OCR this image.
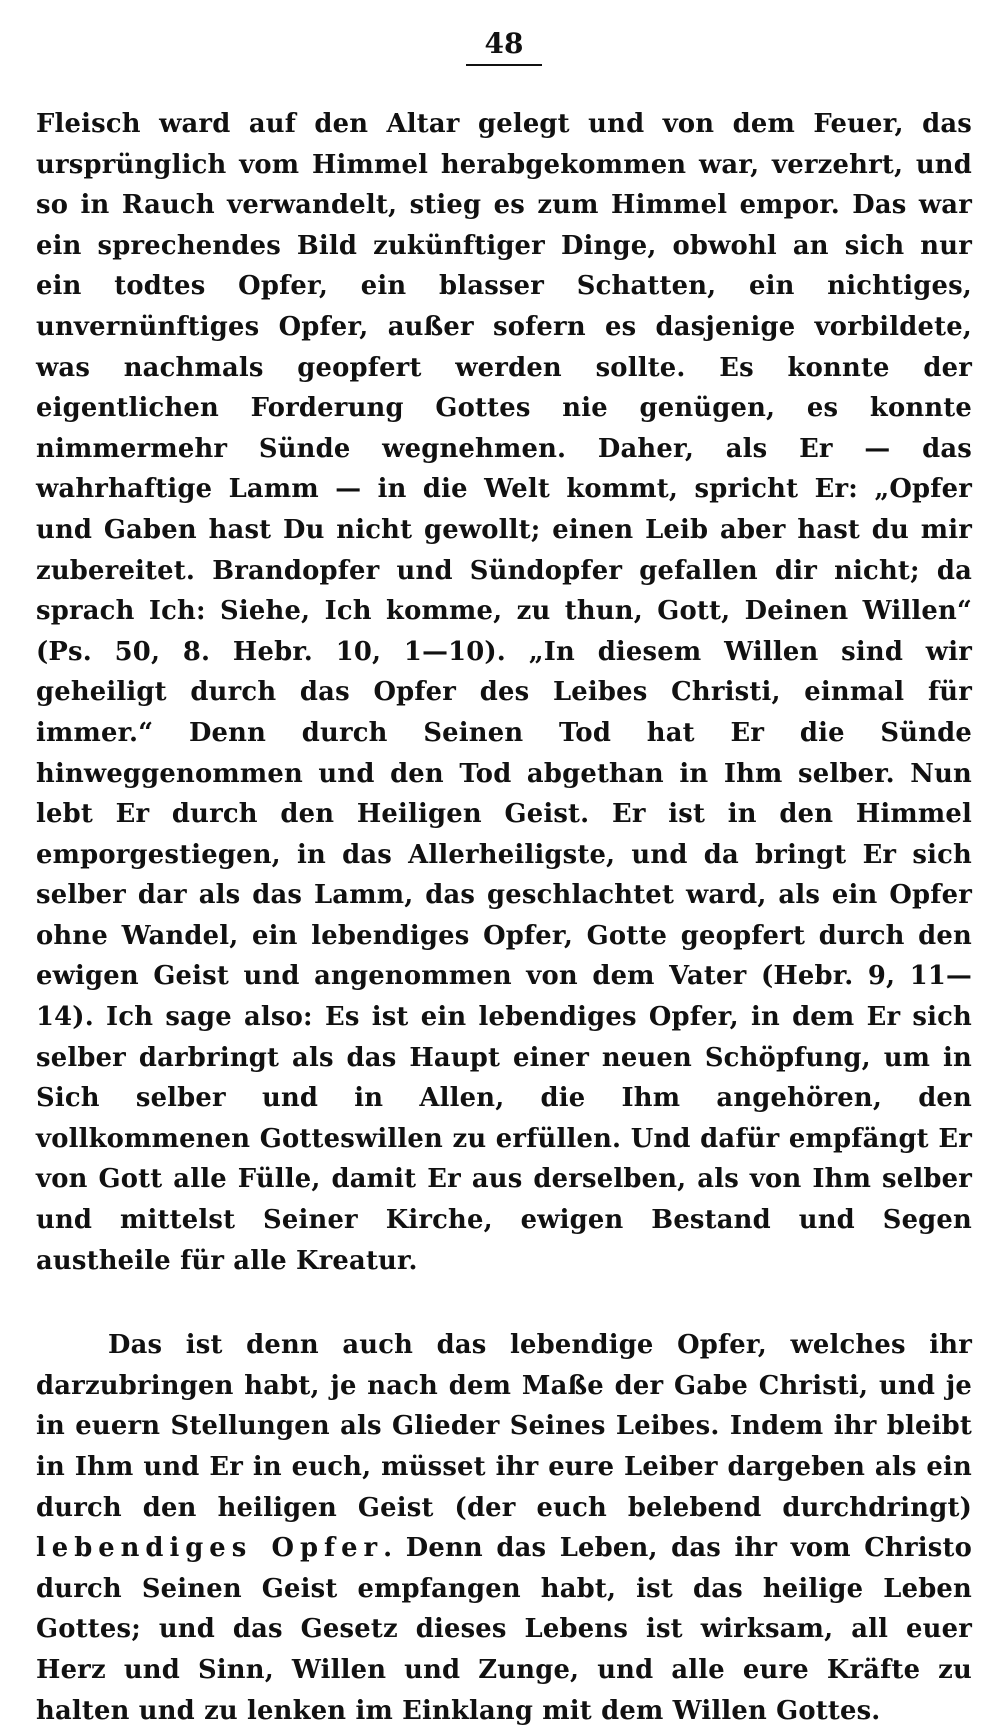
48

Fleisch ward auf den Altar gelegt und von dem Feuer, das ursprünglich vom Himmel herabgekommen war, verzehrt, und so in Rauch verwandelt, stieg es zum Himmel empor. Das war ein sprechendes Bild zukünftiger Dinge, obwohl an sich nur ein todtes Opfer, ein blasser Schatten, ein nichtiges, unvernünftiges Opfer, außer sofern es dasjenige vorbildete, was nachmals geopfert werden sollte. Es konnte der eigentlichen Forderung Gottes nie genügen, es konnte nimmermehr Sünde wegnehmen. Daher, als Er — das wahrhaftige Lamm — in die Welt kommt, spricht Er: „Opfer und Gaben hast Du nicht gewollt; einen Leib aber hast du mir zubereitet. Brandopfer und Sündopfer gefallen dir nicht; da sprach Ich: Siehe, Ich komme, zu thun, Gott, Deinen Willen“ (Ps. 50, 8. Hebr. 10, 1—10). „In diesem Willen sind wir geheiligt durch das Opfer des Leibes Christi, einmal für immer.“ Denn durch Seinen Tod hat Er die Sünde hinweggenommen und den Tod abgethan in Ihm selber. Nun lebt Er durch den Heiligen Geist. Er ist in den Himmel emporgestiegen, in das Allerheiligste, und da bringt Er sich selber dar als das Lamm, das geschlachtet ward, als ein Opfer ohne Wandel, ein lebendiges Opfer, Gotte geopfert durch den ewigen Geist und angenommen von dem Vater (Hebr. 9, 11—14). Ich sage also: Es ist ein lebendiges Opfer, in dem Er sich selber darbringt als das Haupt einer neuen Schöpfung, um in Sich selber und in Allen, die Ihm angehören, den vollkommenen Gotteswillen zu erfüllen. Und dafür empfängt Er von Gott alle Fülle, damit Er aus derselben, als von Ihm selber und mittelst Seiner Kirche, ewigen Bestand und Segen austheile für alle Kreatur.

Das ist denn auch das lebendige Opfer, welches ihr darzubringen habt, je nach dem Maße der Gabe Christi, und je in euern Stellungen als Glieder Seines Leibes. Indem ihr bleibt in Ihm und Er in euch, müsset ihr eure Leiber dargeben als ein durch den heiligen Geist (der euch belebend durchdringt) lebendiges Opfer. Denn das Leben, das ihr vom Christo durch Seinen Geist empfangen habt, ist das heilige Leben Gottes; und das Gesetz dieses Lebens ist wirksam, all euer Herz und Sinn, Willen und Zunge, und alle eure Kräfte zu halten und zu lenken im Einklang mit dem Willen Gottes.
